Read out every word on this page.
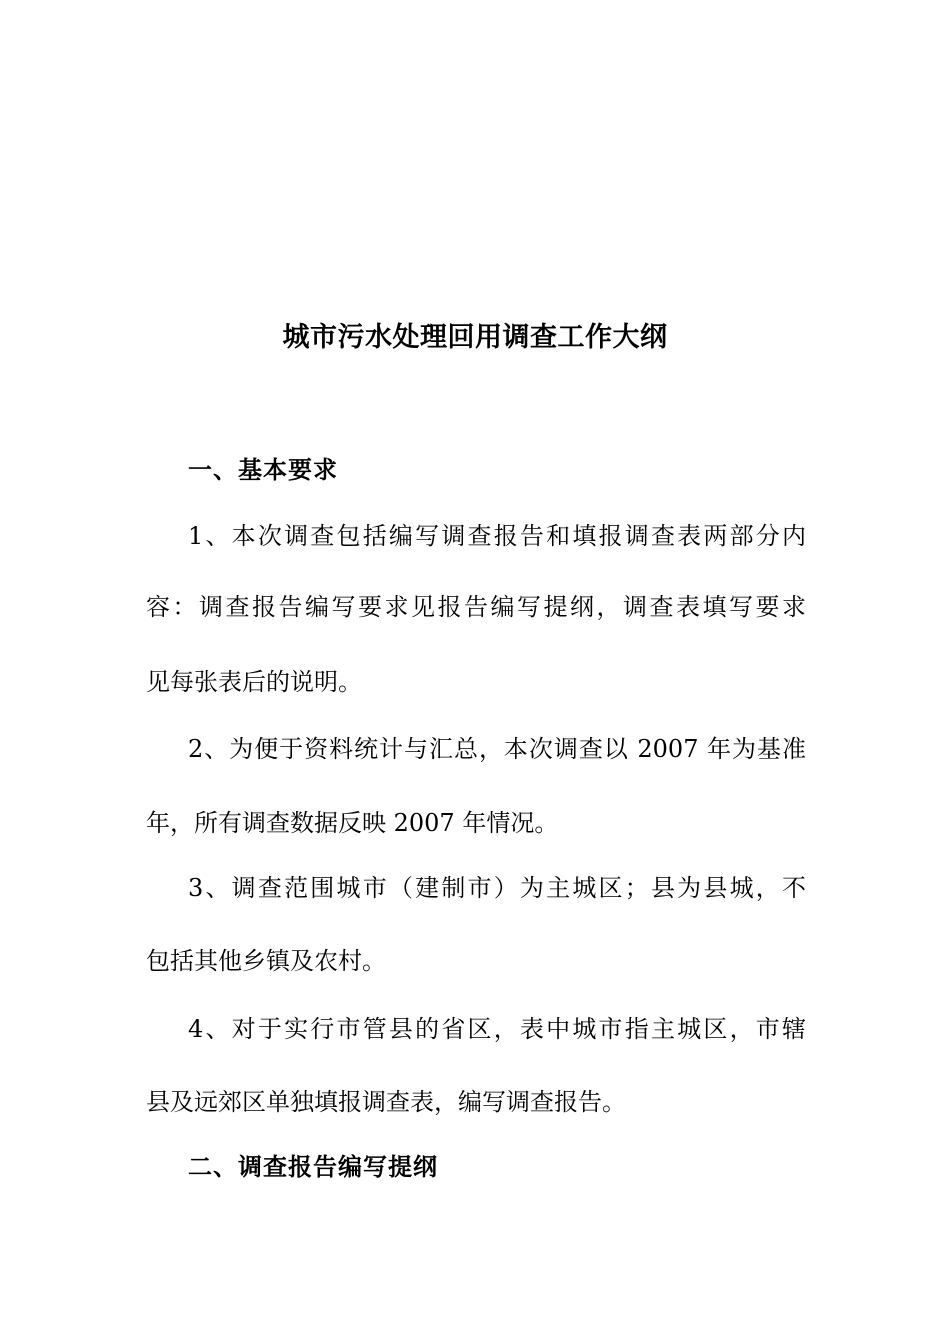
城市污水处理回用调查工作大纲
一、基本要求
1、本次调查包括编写调查报告和填报调查表两部分内
容：调查报告编写要求见报告编写提纲，调查表填写要求
见每张表后的说明。
2、为便于资料统计与汇总，本次调查以 2007 年为基准
年，所有调查数据反映 2007 年情况。
3、调查范围城市（建制市）为主城区；县为县城，不
包括其他乡镇及农村。
4、对于实行市管县的省区，表中城市指主城区，市辖
县及远郊区单独填报调查表，编写调查报告。
二、调查报告编写提纲
